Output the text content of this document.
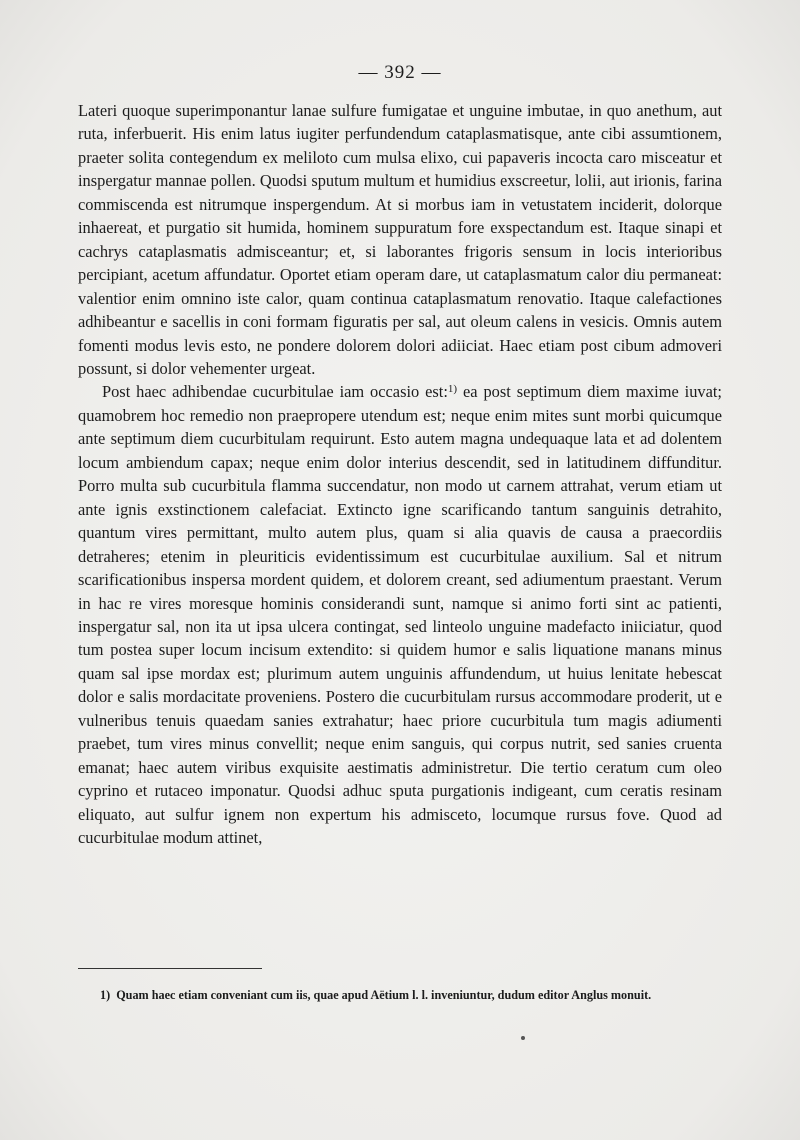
— 392 —

Lateri quoque superimponantur lanae sulfure fumigatae et unguine imbutae, in quo anethum, aut ruta, inferbuerit. His enim latus iugiter perfundendum cataplasmatisque, ante cibi assumtionem, praeter solita contegendum ex meliloto cum mulsa elixo, cui papaveris incocta caro misceatur et inspergatur mannae pollen. Quodsi sputum multum et humidius exscreetur, lolii, aut irionis, farina commiscenda est nitrumque inspergendum. At si morbus iam in vetustatem inciderit, dolorque inhaereat, et purgatio sit humida, hominem suppuratum fore exspectandum est. Itaque sinapi et cachrys cataplasmatis admisceantur; et, si laborantes frigoris sensum in locis interioribus percipiant, acetum affundatur. Oportet etiam operam dare, ut cataplasmatum calor diu permaneat: valentior enim omnino iste calor, quam continua cataplasmatum renovatio. Itaque calefactiones adhibeantur e sacellis in coni formam figuratis per sal, aut oleum calens in vesicis. Omnis autem fomenti modus levis esto, ne pondere dolorem dolori adiiciat. Haec etiam post cibum admoveri possunt, si dolor vehementer urgeat.

Post haec adhibendae cucurbitulae iam occasio est:$^{1)}$ ea post septimum diem maxime iuvat; quamobrem hoc remedio non praepropere utendum est; neque enim mites sunt morbi quicumque ante septimum diem cucurbitulam requirunt. Esto autem magna undequaque lata et ad dolentem locum ambiendum capax; neque enim dolor interius descendit, sed in latitudinem diffunditur. Porro multa sub cucurbitula flamma succendatur, non modo ut carnem attrahat, verum etiam ut ante ignis exstinctionem calefaciat. Extincto igne scarificando tantum sanguinis detrahito, quantum vires permittant, multo autem plus, quam si alia quavis de causa a praecordiis detraheres; etenim in pleuriticis evidentissimum est cucurbitulae auxilium. Sal et nitrum scarificationibus inspersa mordent quidem, et dolorem creant, sed adiumentum praestant. Verum in hac re vires moresque hominis considerandi sunt, namque si animo forti sint ac patienti, inspergatur sal, non ita ut ipsa ulcera contingat, sed linteolo unguine madefacto iniiciatur, quod tum postea super locum incisum extendito: si quidem humor e salis liquatione manans minus quam sal ipse mordax est; plurimum autem unguinis affundendum, ut huius lenitate hebescat dolor e salis mordacitate proveniens. Postero die cucurbitulam rursus accommodare proderit, ut e vulneribus tenuis quaedam sanies extrahatur; haec priore cucurbitula tum magis adiumenti praebet, tum vires minus convellit; neque enim sanguis, qui corpus nutrit, sed sanies cruenta emanat; haec autem viribus exquisite aestimatis administretur. Die tertio ceratum cum oleo cyprino et rutaceo imponatur. Quodsi adhuc sputa purgationis indigeant, cum ceratis resinam eliquato, aut sulfur ignem non expertum his admisceto, locumque rursus fove. Quod ad cucurbitulae modum attinet,

1) Quam haec etiam conveniant cum iis, quae apud Aëtium l. l. inveniuntur, dudum editor Anglus monuit.
